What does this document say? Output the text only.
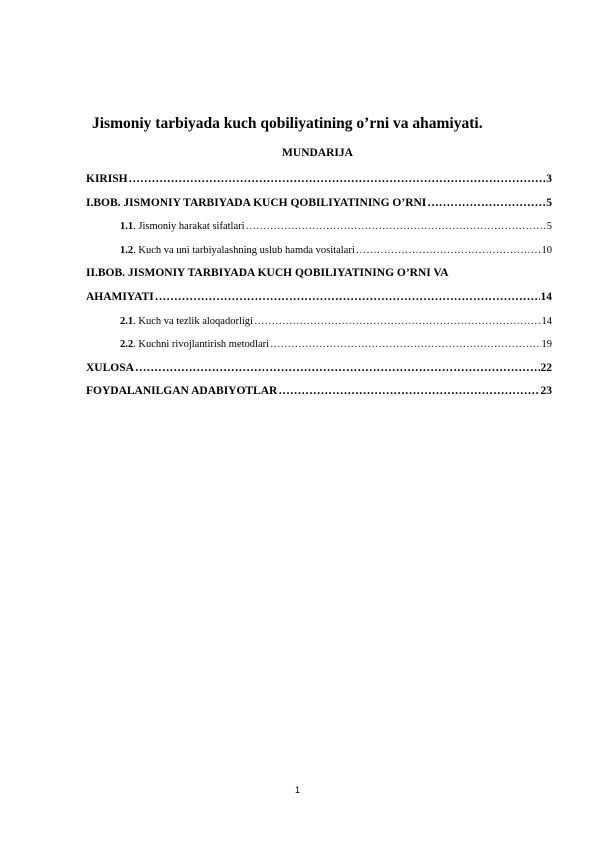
Jismoniy tarbiyada kuch qobiliyatining o’rni va ahamiyati.
MUNDARIJA
KIRISH ……………………………………………………………………………………………………………………………………………………	3
I.BOB. JISMONIY TARBIYADA KUCH QOBILIYATINING O’RNI ……………………………………………………………………………………………………………………………………………………	5
1.1. Jismoniy harakat sifatlari ……………………………………………………………………………………………………………………………………………………	5
1.2. Kuch va uni tarbiyalashning uslub hamda vositalari ……………………………………………………………………………………………………………………………………………………	10
II.BOB. JISMONIY TARBIYADA KUCH QOBILIYATINING O’RNI VA
AHAMIYATI ……………………………………………………………………………………………………………………………………………………	14
2.1. Kuch va tezlik aloqadorligi ……………………………………………………………………………………………………………………………………………………	14
2.2. Kuchni rivojlantirish metodlari ……………………………………………………………………………………………………………………………………………………	19
XULOSA ……………………………………………………………………………………………………………………………………………………	22
FOYDALANILGAN ADABIYOTLAR ……………………………………………………………………………………………………………………………………………………	23
1
